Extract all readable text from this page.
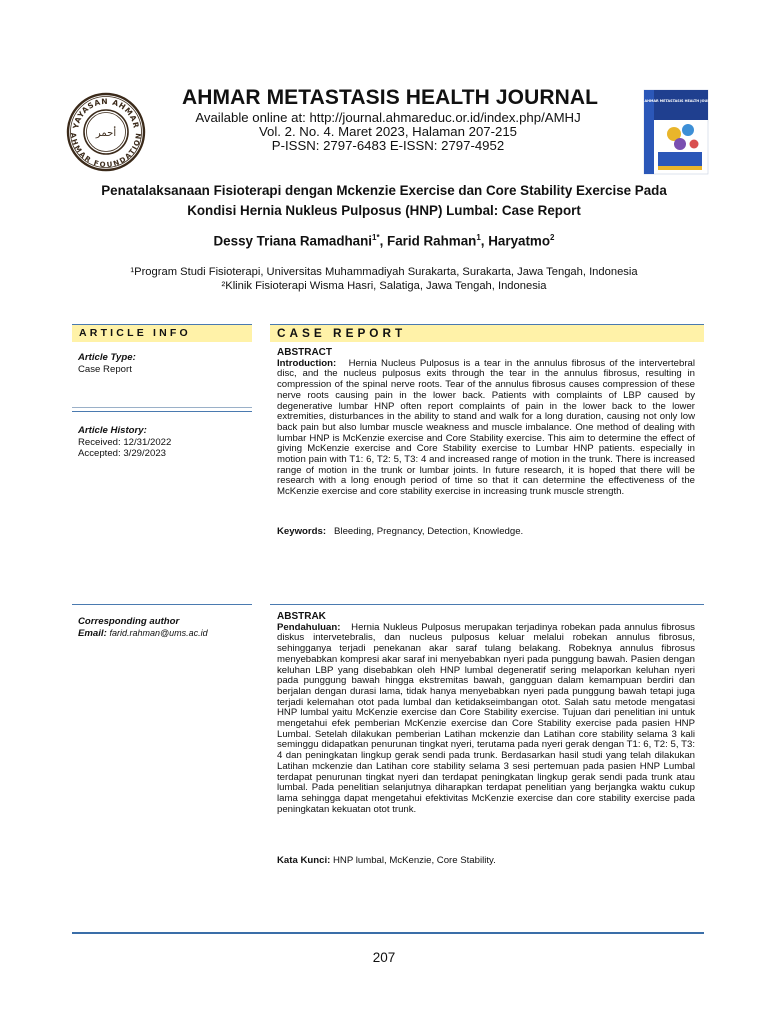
YAYASAN AHMAR
AHMAR FOUNDATION
أحمر
AHMAR METASTASIS HEALTH JOURNAL
Available online at: http://journal.ahmareduc.or.id/index.php/AMHJ
Vol. 2. No. 4. Maret 2023, Halaman 207-215
P-ISSN: 2797-6483 E-ISSN: 2797-4952
AHMAR METASTASIS HEALTH JOURNAL
Penatalaksanaan Fisioterapi dengan Mckenzie Exercise dan Core Stability Exercise Pada
Kondisi Hernia Nukleus Pulposus (HNP) Lumbal: Case Report
Dessy Triana Ramadhani$^{1*}$, Farid Rahman$^1$, Haryatmo$^2$
¹Program Studi Fisioterapi, Universitas Muhammadiyah Surakarta, Surakarta, Jawa Tengah, Indonesia
²Klinik Fisioterapi Wisma Hasri, Salatiga, Jawa Tengah, Indonesia
ARTICLE INFO	CASE REPORT
Article Type:
Case Report
Article History:
Received: 12/31/2022
Accepted: 3/29/2023
Corresponding author
Email: farid.rahman@ums.ac.id
ABSTRACT
Introduction: Hernia Nucleus Pulposus is a tear in the annulus fibrosus of the intervertebral disc, and the nucleus pulposus exits through the tear in the annulus fibrosus, resulting in compression of the spinal nerve roots. Tear of the annulus fibrosus causes compression of these nerve roots causing pain in the lower back. Patients with complaints of LBP caused by degenerative lumbar HNP often report complaints of pain in the lower back to the lower extremities, disturbances in the ability to stand and walk for a long duration, causing not only low back pain but also lumbar muscle weakness and muscle imbalance. One method of dealing with lumbar HNP is McKenzie exercise and Core Stability exercise. This aim to determine the effect of giving McKenzie exercise and Core Stability exercise to Lumbar HNP patients. especially in motion pain with T1: 6, T2: 5, T3: 4 and increased range of motion in the trunk. There is increased range of motion in the trunk or lumbar joints. In future research, it is hoped that there will be research with a long enough period of time so that it can determine the effectiveness of the McKenzie exercise and core stability exercise in increasing trunk muscle strength.
Keywords: Bleeding, Pregnancy, Detection, Knowledge.
ABSTRAK
Pendahuluan: Hernia Nukleus Pulposus merupakan terjadinya robekan pada annulus fibrosus diskus intervetebralis, dan nucleus pulposus keluar melalui robekan annulus fibrosus, sehingganya terjadi penekanan akar saraf tulang belakang. Robeknya annulus fibrosus menyebabkan kompresi akar saraf ini menyebabkan nyeri pada punggung bawah. Pasien dengan keluhan LBP yang disebabkan oleh HNP lumbal degeneratif sering melaporkan keluhan nyeri pada punggung bawah hingga ekstremitas bawah, gangguan dalam kemampuan berdiri dan berjalan dengan durasi lama, tidak hanya menyebabkan nyeri pada punggung bawah tetapi juga terjadi kelemahan otot pada lumbal dan ketidakseimbangan otot. Salah satu metode mengatasi HNP lumbal yaitu McKenzie exercise dan Core Stability exercise. Tujuan dari penelitian ini untuk mengetahui efek pemberian McKenzie exercise dan Core Stability exercise pada pasien HNP Lumbal. Setelah dilakukan pemberian Latihan mckenzie dan Latihan core stability selama 3 kali seminggu didapatkan penurunan tingkat nyeri, terutama pada nyeri gerak dengan T1: 6, T2: 5, T3: 4 dan peningkatan lingkup gerak sendi pada trunk. Berdasarkan hasil studi yang telah dilakukan Latihan mckenzie dan Latihan core stability selama 3 sesi pertemuan pada pasien HNP Lumbal terdapat penurunan tingkat nyeri dan terdapat peningkatan lingkup gerak sendi pada trunk atau lumbal. Pada penelitian selanjutnya diharapkan terdapat penelitian yang berjangka waktu cukup lama sehingga dapat mengetahui efektivitas McKenzie exercise dan core stability exercise pada peningkatan kekuatan otot trunk.
Kata Kunci: HNP lumbal, McKenzie, Core Stability.
207
